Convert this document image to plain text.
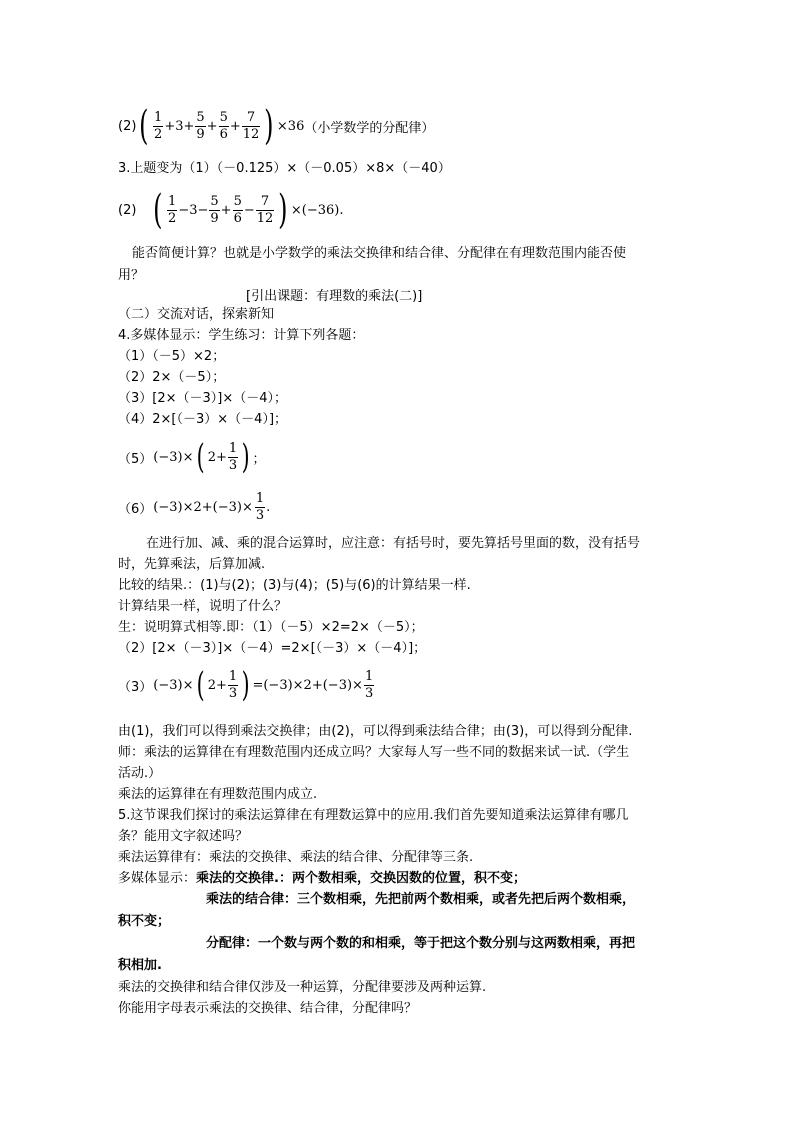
(2) ( 1
2
$+3+ \frac{5}{9} + \frac{5}{6} + \frac{7}{12}$ ) ×36 （小学数学的分配律）
3.上题变为（1）（－0.125）×（－0.05）×8×（－40）
(2) ( 1
2
$-3- \frac{5}{9} + \frac{5}{6} - \frac{7}{12}$ ) ×(−36).
能否简便计算？也就是小学数学的乘法交换律和结合律、分配律在有理数范围内能否使
用？
[引出课题：有理数的乘法(二)]
（二）交流对话，探索新知
4.多媒体显示：学生练习：计算下列各题：
（1）（－5）×2；
（2）2×（－5）；
（3）[2×（－3）]×（－4）；
（4）2×[（－3）×（－4）]；
（5） (−3)× ( $2+ \frac{1}{3}$ ) ；
（6） $(-3)\times 2+(-3)\times \frac{1}{3}$ .
在进行加、减、乘的混合运算时，应注意：有括号时，要先算括号里面的数，没有括号
时，先算乘法，后算加减.
比较的结果.：(1)与(2)；(3)与(4)；(5)与(6)的计算结果一样.
计算结果一样，说明了什么？
生：说明算式相等.即：（1）（－5）×2=2×（－5）；
（2）[2×（－3）]×（－4）=2×[（－3）×（－4）]；
（3） (−3)× ( $2+ \frac{1}{3}$ ) $=(-3)\times 2+(-3)\times \frac{1}{3}$
由(1)，我们可以得到乘法交换律；由(2)，可以得到乘法结合律；由(3)，可以得到分配律.
师：乘法的运算律在有理数范围内还成立吗？大家每人写一些不同的数据来试一试.（学生
活动.）
乘法的运算律在有理数范围内成立.
5.这节课我们探讨的乘法运算律在有理数运算中的应用.我们首先要知道乘法运算律有哪几
条？能用文字叙述吗？
乘法运算律有：乘法的交换律、乘法的结合律、分配律等三条.
多媒体显示： 乘法的交换律.：两个数相乘，交换因数的位置，积不变；
乘法的结合律：三个数相乘，先把前两个数相乘，或者先把后两个数相乘，
积不变；
分配律：一个数与两个数的和相乘，等于把这个数分别与这两数相乘，再把
积相加.
乘法的交换律和结合律仅涉及一种运算，分配律要涉及两种运算.
你能用字母表示乘法的交换律、结合律，分配律吗？
